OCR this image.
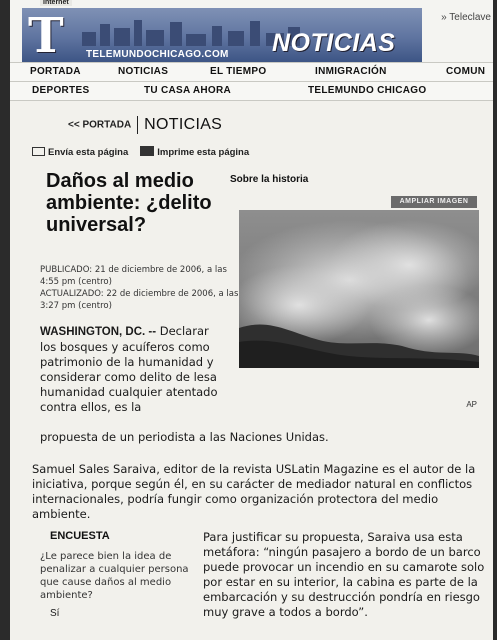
T	TELEMUNDOCHICAGO.COM NOTICIAS
Internet
» Teleclave
PORTADA	NOTICIAS	EL TIEMPO	INMIGRACIÓN	COMUN
DEPORTES	TU CASA AHORA	TELEMUNDO CHICAGO
<< PORTADA NOTICIAS
Envía esta página	Imprime esta página
Daños al medio ambiente: ¿delito universal?
PUBLICADO: 21 de diciembre de 2006, a las 4:55 pm (centro)
ACTUALIZADO: 22 de diciembre de 2006, a las 3:27 pm (centro)
Sobre la historia
AMPLIAR IMAGEN
AP
WASHINGTON, DC. -- Declarar los bosques y acuíferos como patrimonio de la humanidad y considerar como delito de lesa humanidad cualquier atentado contra ellos, es la
propuesta de un periodista a las Naciones Unidas.
Samuel Sales Saraiva, editor de la revista USLatin Magazine es el autor de la iniciativa, porque según él, en su carácter de mediador natural en conflictos internacionales, podría fungir como organización protectora del medio ambiente.
ENCUESTA

¿Le parece bien la idea de penalizar a cualquier persona que cause daños al medio ambiente?

Sí
Para justificar su propuesta, Saraiva usa esta metáfora: “ningún pasajero a bordo de un barco puede provocar un incendio en su camarote solo por estar en su interior, la cabina es parte de la embarcación y su destrucción pondría en riesgo muy grave a todos a bordo”.
